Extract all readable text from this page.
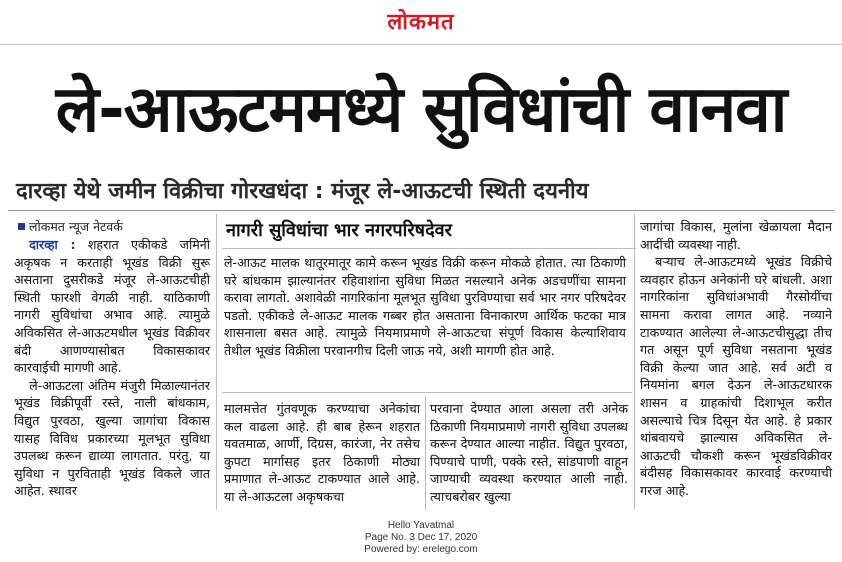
लोकमत
ले-आऊटममध्ये सुविधांची वानवा
दारव्हा येथे जमीन विक्रीचा गोरखधंदा : मंजूर ले-आऊटची स्थिती दयनीय
लोकमत न्यूज नेटवर्क

दारव्हा : शहरात एकीकडे जमिनी अकृषक न करताही भूखंड विक्री सुरू असताना दुसरीकडे मंजूर ले-आऊटचीही स्थिती फारशी वेगळी नाही. याठिकाणी नागरी सुविधांचा अभाव आहे. त्यामुळे अविकसित ले-आऊटमधील भूखंड विक्रीवर बंदी आणण्यासोबत विकासकावर कारवाईची मागणी आहे.

ले-आऊटला अंतिम मंजुरी मिळाल्यानंतर भूखंड विक्रीपूर्वी रस्ते, नाली बांधकाम, विद्युत पुरवठा, खुल्या जागांचा विकास यासह विविध प्रकारच्या मूलभूत सुविधा उपलब्ध करून द्याव्या लागतात. परंतु, या सुविधा न पुरविताही भूखंड विकले जात आहेत. स्थावर

नागरी सुविधांचा भार नगरपरिषदेवर

ले-आऊट मालक थातूरमातूर कामे करून भूखंड विक्री करून मोकळे होतात. त्या ठिकाणी घरे बांधकाम झाल्यानंतर रहिवाशांना सुविधा मिळत नसल्याने अनेक अडचणींचा सामना करावा लागतो. अशावेळी नागरिकांना मूलभूत सुविधा पुरविण्याचा सर्व भार नगर परिषदेवर पडतो. एकीकडे ले-आऊट मालक गब्बर होत असताना विनाकारण आर्थिक फटका मात्र शासनाला बसत आहे. त्यामुळे नियमाप्रमाणे ले-आऊटचा संपूर्ण विकास केल्याशिवाय तेथील भूखंड विक्रीला परवानगीच दिली जाऊ नये, अशी मागणी होत आहे.

मालमत्तेत गुंतवणूक करण्याचा अनेकांचा कल वाढला आहे. ही बाब हेरून शहरात यवतमाळ, आर्णी, दिग्रस, कारंजा, नेर तसेच कुपटा मार्गासह इतर ठिकाणी मोठ्या प्रमाणात ले-आऊट टाकण्यात आले आहे. या ले-आऊटला अकृषकचा

परवाना देण्यात आला असला तरी अनेक ठिकाणी नियमाप्रमाणे नागरी सुविधा उपलब्ध करून देण्यात आल्या नाहीत. विद्युत पुरवठा, पिण्याचे पाणी, पक्के रस्ते, सांडपाणी वाहून जाण्याची व्यवस्था करण्यात आली नाही. त्याचबरोबर खुल्या

जागांचा विकास, मुलांना खेळायला मैदान आदींची व्यवस्था नाही.

बऱ्याच ले-आऊटमध्ये भूखंड विक्रीचे व्यवहार होऊन अनेकांनी घरे बांधली. अशा नागरिकांना सुविधांअभावी गैरसोयींचा सामना करावा लागत आहे. नव्याने टाकण्यात आलेल्या ले-आऊटचीसुद्धा तीच गत असून पूर्ण सुविधा नसताना भूखंड विक्री केल्या जात आहे. सर्व अटी व नियमांना बगल देऊन ले-आऊटधारक शासन व ग्राहकांची दिशाभूल करीत असल्याचे चित्र दिसून येत आहे. हे प्रकार थांबवायचे झाल्यास अविकसित ले-आऊटची चौकशी करून भूखंडविक्रीवर बंदीसह विकासकावर कारवाई करण्याची गरज आहे.

Hello Yavatmal
Page No. 3 Dec 17, 2020
Powered by: erelego.com
